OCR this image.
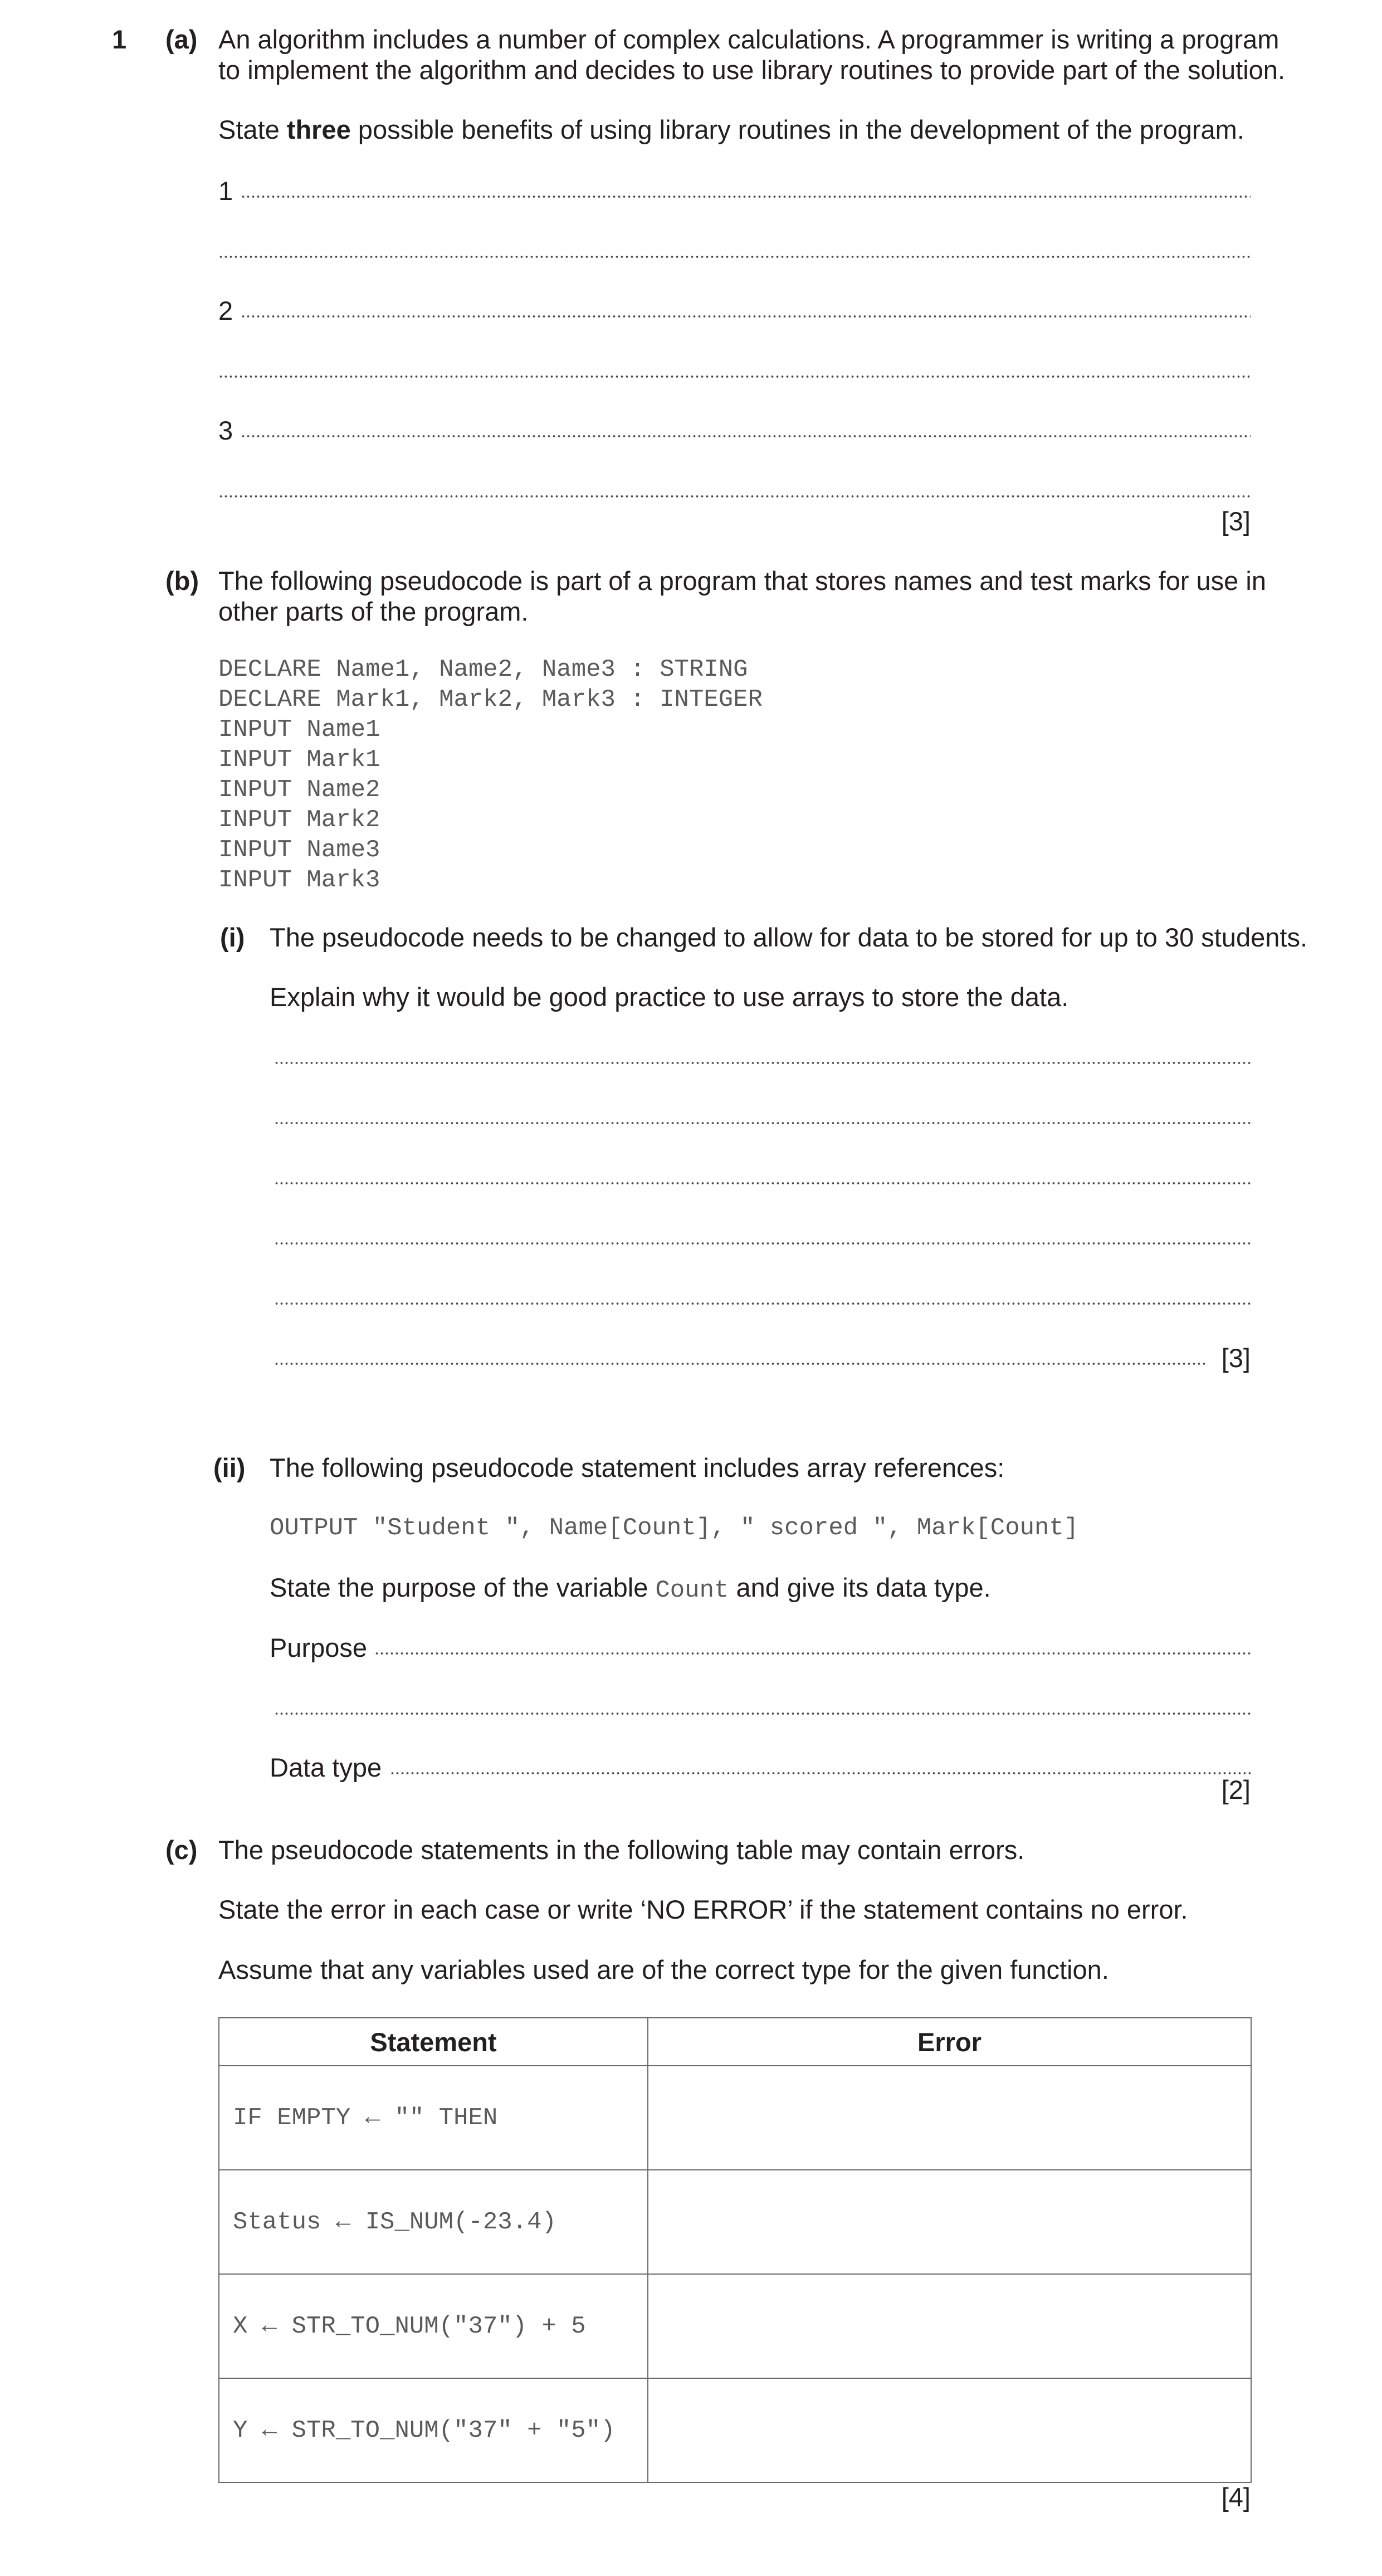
1 (a) An algorithm includes a number of complex calculations. A programmer is writing a program
to implement the algorithm and decides to use library routines to provide part of the solution.
State three possible benefits of using library routines in the development of the program.
1
2
3
[3]
(b) The following pseudocode is part of a program that stores names and test marks for use in
other parts of the program.
DECLARE Name1, Name2, Name3 : STRING
DECLARE Mark1, Mark2, Mark3 : INTEGER
INPUT Name1
INPUT Mark1
INPUT Name2
INPUT Mark2
INPUT Name3
INPUT Mark3
(i) The pseudocode needs to be changed to allow for data to be stored for up to 30 students.
Explain why it would be good practice to use arrays to store the data.
[3]
(ii) The following pseudocode statement includes array references:
OUTPUT "Student ", Name[Count], " scored ", Mark[Count]
State the purpose of the variable Count and give its data type.
Purpose
Data type
[2]
(c) The pseudocode statements in the following table may contain errors.
State the error in each case or write ‘NO ERROR’ if the statement contains no error.
Assume that any variables used are of the correct type for the given function.
Statement	Error
IF EMPTY ← "" THEN	
Status ← IS_NUM(-23.4)	
X ← STR_TO_NUM("37") + 5	
Y ← STR_TO_NUM("37" + "5")	
[4]
